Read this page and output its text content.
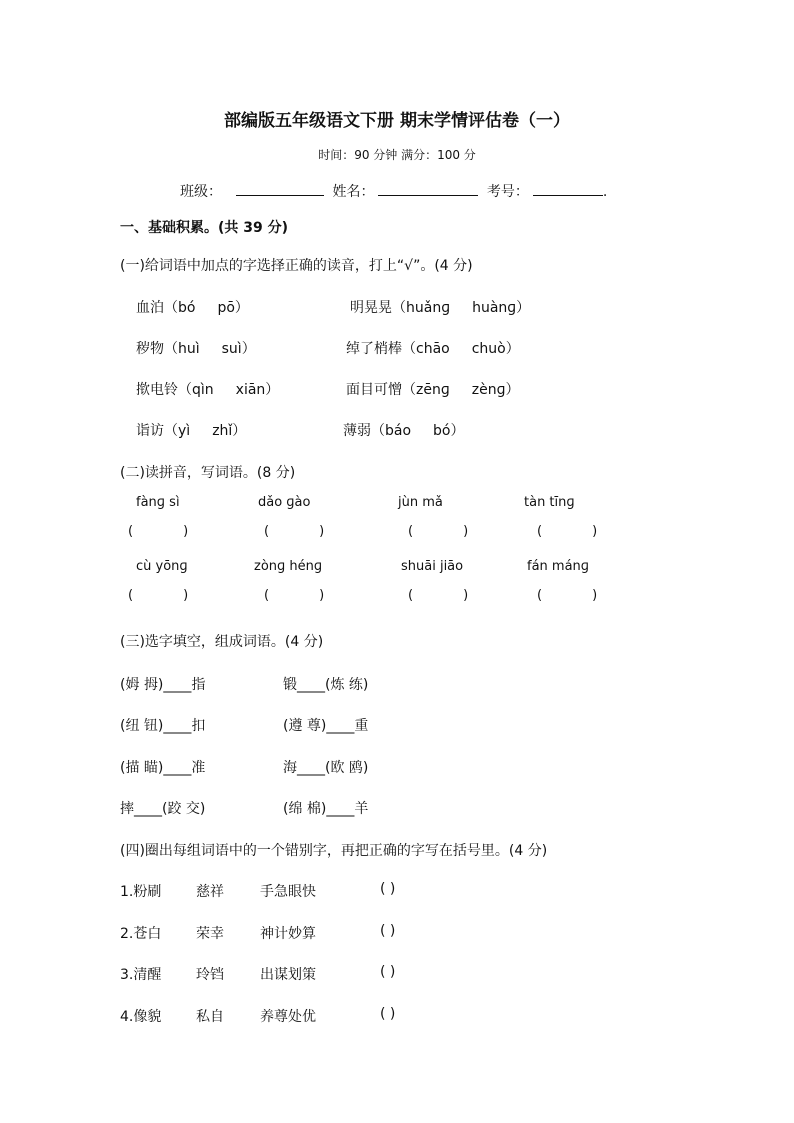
部编版五年级语文下册 期末学情评估卷（一）
时间：90 分钟 满分：100 分
班级：	姓名：	考号：	.
一、基础积累。(共 39 分)
(一)给词语中加点的字选择正确的读音，打上“√”。(4 分)
血泊（bó pō）	明晃晃（huǎnɡ huànɡ）
秽物（huì suì）	绰了梢棒（chāo chuò）
揿电铃（qìn xiān）	面目可憎（zēnɡ zènɡ）
诣访（yì zhǐ）	薄弱（báo bó）
(二)读拼音，写词语。(8 分)
fànɡ sì	dǎo ɡào	jùn mǎ	tàn tīnɡ
(	)	(	)	(	)	(	)
cù yōnɡ	zònɡ hénɡ	shuāi jiāo	fán mánɡ
(	)	(	)	(	)	(	)
(三)选字填空，组成词语。(4 分)
(姆 拇)____指	锻____(炼 练)
(纽 钮)____扣	(遵 尊)____重
(描 瞄)____准	海____(欧 鸥)
摔____(跤 交)	(绵 棉)____羊
(四)圈出每组词语中的一个错别字，再把正确的字写在括号里。(4 分)
1.粉刷 慈祥	手急眼快	( )
2.苍白 荣幸	神计妙算	( )
3.清醒 玲铛	出谋划策	( )
4.像貌 私自	养尊处优	( )
